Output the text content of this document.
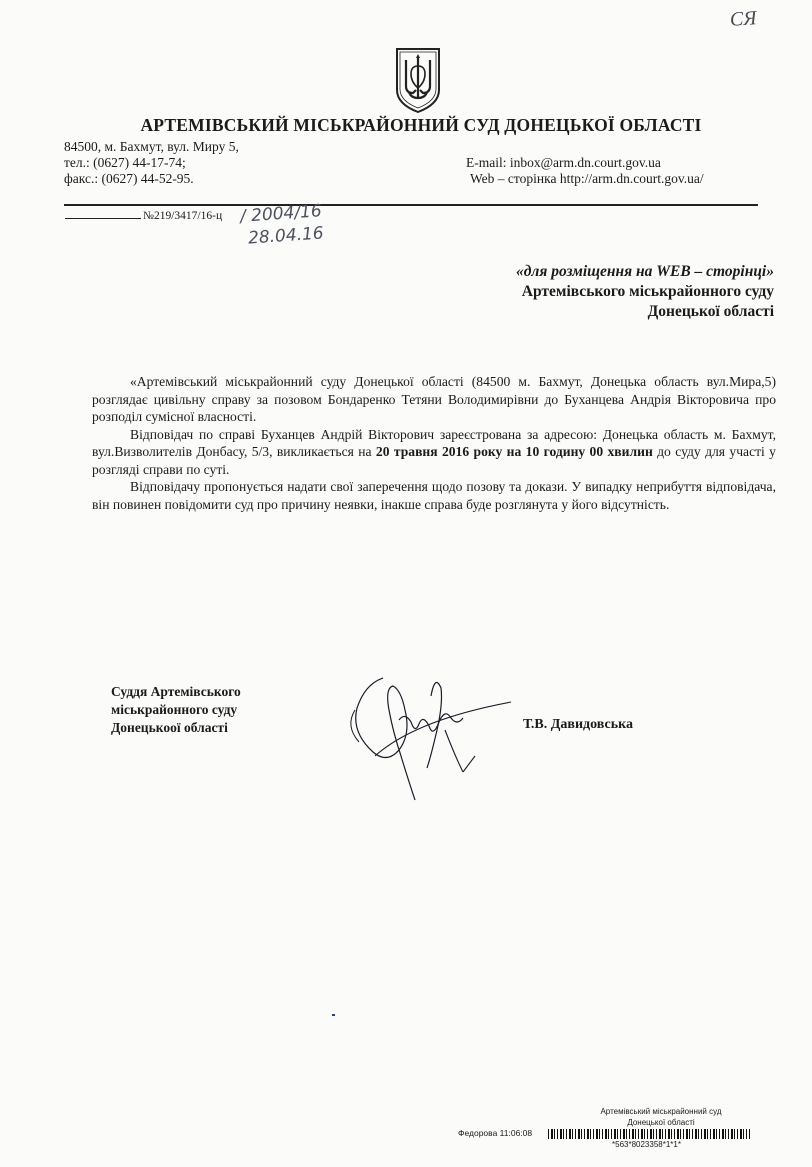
СЯ
АРТЕМІВСЬКИЙ МІСЬКРАЙОННИЙ СУД ДОНЕЦЬКОЇ ОБЛАСТІ
84500, м. Бахмут, вул. Миру 5,
тел.: (0627) 44-17-74;
факс.: (0627) 44-52-95.
E-mail: inbox@arm.dn.court.gov.ua
Web – сторінка http://arm.dn.court.gov.ua/
№219/3417/16-ц / 2004/16
28.04.16
«для розміщення на WEB – сторінці»
Артемівського міськрайонного суду
Донецької області

«Артемівський міськрайонний суду Донецької області (84500 м. Бахмут, Донецька область вул.Мира,5) розглядає цивільну справу за позовом Бондаренко Тетяни Володимирівни до Буханцева Андрія Вікторовича про розподіл сумісної власності.

Відповідач по справі Буханцев Андрій Вікторович зареєстрована за адресою: Донецька область м. Бахмут, вул.Визволителів Донбасу, 5/3, викликається на 20 травня 2016 року на 10 годину 00 хвилин до суду для участі у розгляді справи по суті.

Відповідачу пропонується надати свої заперечення щодо позову та докази. У випадку неприбуття відповідача, він повинен повідомити суд про причину неявки, інакше справа буде розглянута у його відсутність.

Суддя Артемівського
міськрайонного суду
Донецькоої області	Т.В. Давидовська
Артемівський міськрайонний суд
Донецької області
Федорова 11:06:08
*563*8023358*1*1*
